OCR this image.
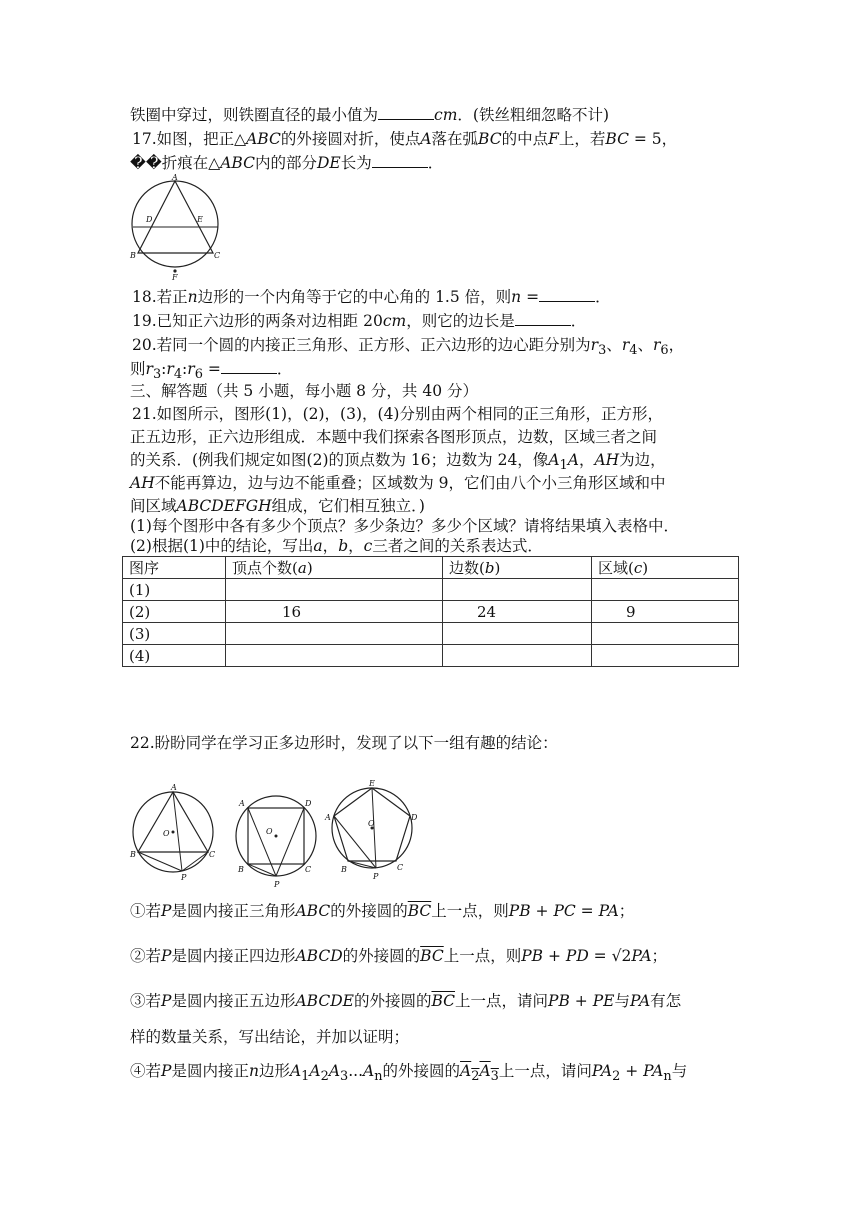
铁圈中穿过，则铁圈直径的最小值为	cm．(铁丝粗细忽略不计)
17.如图，把正△ABC的外接圆对折，使点A落在弧BC的中点F上，若BC = 5，
��折痕在△ABC内的部分DE长为	．
A
D	E
B	C
F
18.若正n边形的一个内角等于它的中心角的 1.5 倍，则n =	．
19.已知正六边形的两条对边相距 20cm，则它的边长是	．
20.若同一个圆的内接正三角形、正方形、正六边形的边心距分别为$r_3$、$r_4$、$r_6$，
则$r_3:r_4:r_6$ =	．
三、解答题（共 5 小题，每小题 8 分，共 40 分）
21.如图所示，图形(1)，(2)，(3)，(4)分别由两个相同的正三角形，正方形，
正五边形，正六边形组成．本题中我们探索各图形顶点，边数，区域三者之间
的关系．(例我们规定如图(2)的顶点数为 16；边数为 24，像$A_1A$，AH为边，
AH不能再算边，边与边不能重叠；区域数为 9，它们由八个小三角形区域和中
间区域ABCDEFGH组成，它们相互独立．)
(1)每个图形中各有多少个顶点？多少条边？多少个区域？请将结果填入表格中．
(2)根据(1)中的结论，写出a，b，c三者之间的关系表达式．
图序	顶点个数(a)	边数(b)	区域(c)
(1)			
(2)	16	24	9
(3)			
(4)			
22.盼盼同学在学习正多边形时，发现了以下一组有趣的结论：
A
O
B	C
P
A	D
O
B	C
P
E
A	D
O
B	C
P
①若P是圆内接正三角形ABC的外接圆的$\overline{BC}$上一点，则PB + PC = PA；
②若P是圆内接正四边形ABCD的外接圆的$\overline{BC}$上一点，则PB + PD = √2PA；
③若P是圆内接正五边形ABCDE的外接圆的$\overline{BC}$上一点，请问PB + PE与PA有怎
样的数量关系，写出结论，并加以证明；
④若P是圆内接正n边形$A_1A_2A_3...A_n$的外接圆的$A_2A_3$上一点，请问$PA_2 + PA_n$与
